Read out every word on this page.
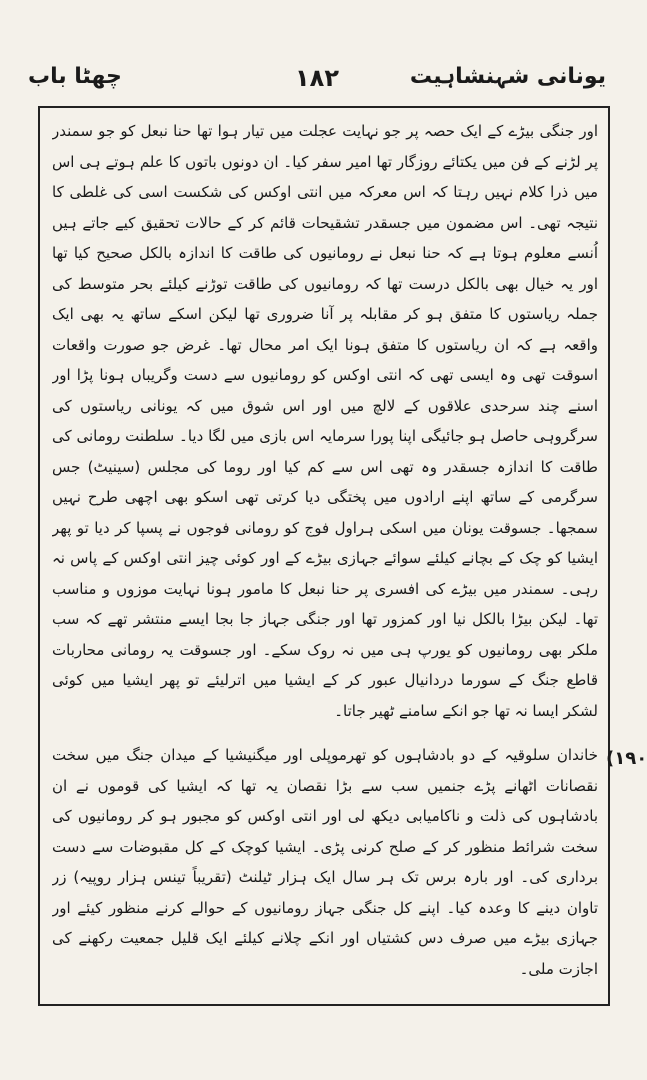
یونانی شہنشاہیت
۱۸۲
چھٹا باب

اور جنگی بیڑے کے ایک حصہ پر جو نہایت عجلت میں تیار ہوا تھا حنا نبعل کو جو سمندر پر لڑنے کے فن میں یکتائے روزگار تھا امیر سفر کیا۔ ان دونوں باتوں کا علم ہوتے ہی اس میں ذرا کلام نہیں رہتا کہ اس معرکہ میں انتی اوکس کی شکست اسی کی غلطی کا نتیجہ تھی۔ اس مضمون میں جسقدر تشقیحات قائم کر کے حالات تحقیق کیے جاتے ہیں اُنسے معلوم ہوتا ہے کہ حنا نبعل نے رومانیوں کی طاقت کا اندازہ بالکل صحیح کیا تھا اور یہ خیال بھی بالکل درست تھا کہ رومانیوں کی طاقت توڑنے کیلئے بحر متوسط کی جملہ ریاستوں کا متفق ہو کر مقابلہ پر آنا ضروری تھا لیکن اسکے ساتھ یہ بھی ایک واقعہ ہے کہ ان ریاستوں کا متفق ہونا ایک امر محال تھا۔ غرض جو صورت واقعات اسوقت تھی وہ ایسی تھی کہ انتی اوکس کو رومانیوں سے دست وگریباں ہونا پڑا اور اسنے چند سرحدی علاقوں کے لالچ میں اور اس شوق میں کہ یونانی ریاستوں کی سرگروہی حاصل ہو جائیگی اپنا پورا سرمایہ اس بازی میں لگا دیا۔ سلطنت رومانی کی طاقت کا اندازہ جسقدر وہ تھی اس سے کم کیا اور روما کی مجلس (سینیٹ) جس سرگرمی کے ساتھ اپنے ارادوں میں پختگی دیا کرتی تھی اسکو بھی اچھی طرح نہیں سمجھا۔ جسوقت یونان میں اسکی ہراول فوج کو رومانی فوجوں نے پسپا کر دیا تو پھر ایشیا کو چک کے بچانے کیلئے سوائے جہازی بیڑے کے اور کوئی چیز انتی اوکس کے پاس نہ رہی۔ سمندر میں بیڑے کی افسری پر حنا نبعل کا مامور ہونا نہایت موزوں و مناسب تھا۔ لیکن بیڑا بالکل نیا اور کمزور تھا اور جنگی جہاز جا بجا ایسے منتشر تھے کہ سب ملکر بھی رومانیوں کو یورپ ہی میں نہ روک سکے۔ اور جسوقت یہ رومانی محاربات قاطع جنگ کے سورما دردانیال عبور کر کے ایشیا میں اترلیئے تو پھر ایشیا میں کوئی لشکر ایسا نہ تھا جو انکے سامنے ٹھیر جاتا۔

خاندان سلوقیہ کے دو بادشاہوں کو تھرموپلی اور میگنیشیا کے میدان جنگ میں سخت نقصانات اٹھانے پڑے جنمیں سب سے بڑا نقصان یہ تھا کہ ایشیا کی قوموں نے ان بادشاہوں کی ذلت و ناکامیابی دیکھ لی اور انتی اوکس کو مجبور ہو کر رومانیوں کی سخت شرائط منظور کر کے صلح کرنی پڑی۔ ایشیا کوچک کے کل مقبوضات سے دست برداری کی۔ اور بارہ برس تک ہر سال ایک ہزار ٹیلنٹ (تقریباً تینس ہزار روپیہ) زر تاوان دینے کا وعدہ کیا۔ اپنے کل جنگی جہاز رومانیوں کے حوالے کرنے منظور کیئے اور جہازی بیڑے میں صرف دس کشتیاں اور انکے چلانے کیلئے ایک قلیل جمعیت رکھنے کی اجازت ملی۔

(۱۹۰
